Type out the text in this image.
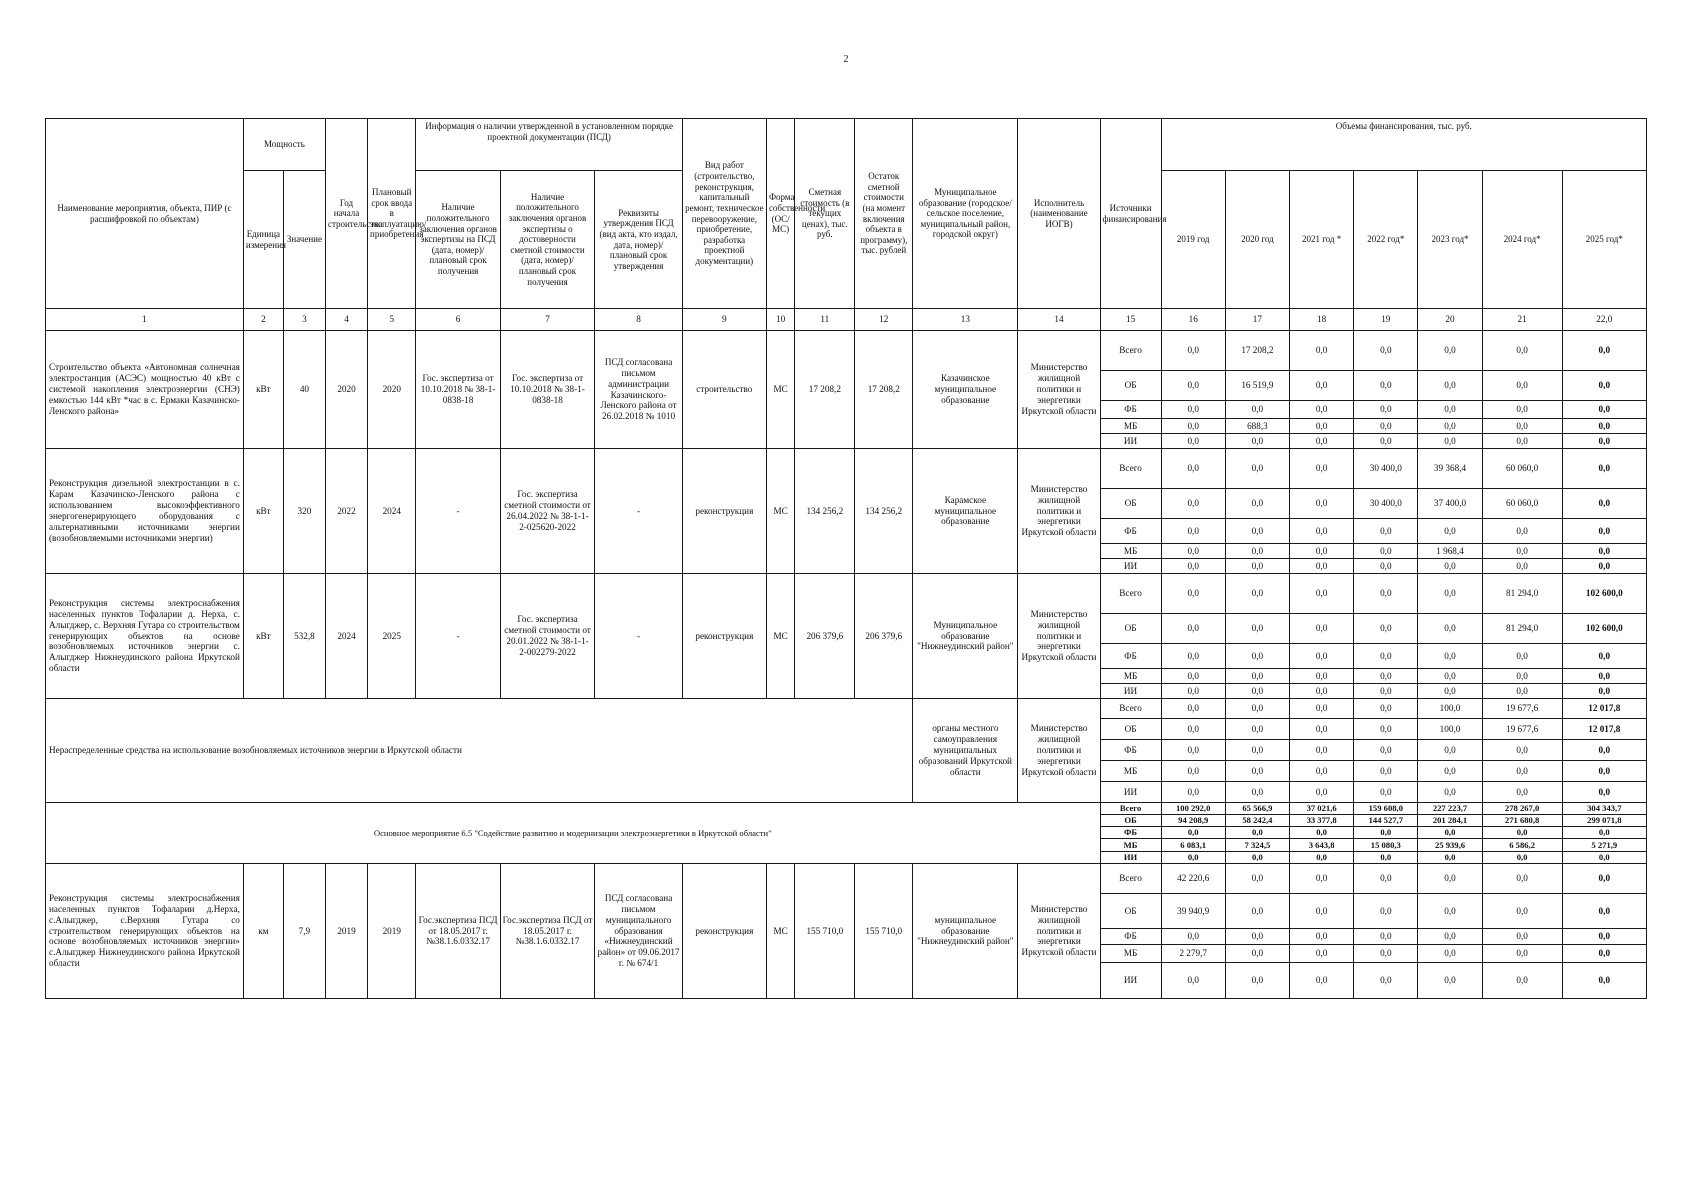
2
Наименование мероприятия, объекта, ПИР (с расшифровкой по объектам)	Мощность		Год начала строительства	Плановый срок ввода в эксплуатацию/приобретения	Информация о наличии утвержденной в установленном порядке проектной документации (ПСД)			Вид работ (строительство, реконструкция, капитальный ремонт, техническое перевооружение, приобретение, разработка проектной документации)	Форма собственности (ОС/МС)	Сметная стоимость (в текущих ценах), тыс. руб.	Остаток сметной стоимости (на момент включения объекта в программу), тыс. рублей	Муниципальное образование (городское/сельское поселение, муниципальный район, городской округ)	Исполнитель (наименование ИОГВ)	Источники финансирования	Объемы финансирования, тыс. руб.						
	Единица измерения	Значение			Наличие положительного заключения органов экспертизы на ПСД (дата, номер)/плановый срок получения	Наличие положительного заключения органов экспертизы о достоверности сметной стоимости (дата, номер)/плановый срок получения	Реквизиты утверждения ПСД (вид акта, кто издал, дата, номер)/плановый срок утверждения								2019 год	2020 год	2021 год *	2022 год*	2023 год*	2024 год*	2025 год*
1	2	3	4	5	6	7	8	9	10	11	12	13	14	15	16	17	18	19	20	21	22,0
Строительство объекта «Автономная солнечная электростанция (АСЭС) мощностью 40 кВт с системой накопления электроэнергии (СНЭ) емкостью 144 кВт *час в с. Ермаки Казачинско-Ленского района»	кВт	40	2020	2020	Гос. экспертиза от 10.10.2018 № 38-1-0838-18	Гос. экспертиза от 10.10.2018 № 38-1-0838-18	ПСД согласована письмом администрации Казачинского-Ленского района от 26.02.2018 № 1010	строительство	МС	17 208,2	17 208,2	Казачинское муниципальное образование	Министерство жилищной политики и энергетики Иркутской области	Всего	0,0	17 208,2	0,0	0,0	0,0	0,0	0,0
														ОБ	0,0	16 519,9	0,0	0,0	0,0	0,0	0,0
														ФБ	0,0	0,0	0,0	0,0	0,0	0,0	0,0
														МБ	0,0	688,3	0,0	0,0	0,0	0,0	0,0
														ИИ	0,0	0,0	0,0	0,0	0,0	0,0	0,0
Реконструкция дизельной электростанции в с. Карам Казачинско-Ленского района с использованием высокоэффективного энергогенерирующего оборудования с альтернативными источниками энергии (возобновляемыми источниками энергии)	кВт	320	2022	2024	-	Гос. экспертиза сметной стоимости от 26.04.2022 № 38-1-1-2-025620-2022	-	реконструкция	МС	134 256,2	134 256,2	Карамское муниципальное образование	Министерство жилищной политики и энергетики Иркутской области	Всего	0,0	0,0	0,0	30 400,0	39 368,4	60 060,0	0,0
														ОБ	0,0	0,0	0,0	30 400,0	37 400,0	60 060,0	0,0
														ФБ	0,0	0,0	0,0	0,0	0,0	0,0	0,0
														МБ	0,0	0,0	0,0	0,0	1 968,4	0,0	0,0
														ИИ	0,0	0,0	0,0	0,0	0,0	0,0	0,0
Реконструкция системы электроснабжения населенных пунктов Тофаларии д. Нерха, с. Алыгджер, с. Верхняя Гутара со строительством генерирующих объектов на основе возобновляемых источников энергии с. Алыгджер Нижнеудинского района Иркутской области	кВт	532,8	2024	2025	-	Гос. экспертиза сметной стоимости от 20.01.2022 № 38-1-1-2-002279-2022	-	реконструкция	МС	206 379,6	206 379,6	Муниципальное образование "Нижнеудинский район"	Министерство жилищной политики и энергетики Иркутской области	Всего	0,0	0,0	0,0	0,0	0,0	81 294,0	102 600,0
														ОБ	0,0	0,0	0,0	0,0	0,0	81 294,0	102 600,0
														ФБ	0,0	0,0	0,0	0,0	0,0	0,0	0,0
														МБ	0,0	0,0	0,0	0,0	0,0	0,0	0,0
														ИИ	0,0	0,0	0,0	0,0	0,0	0,0	0,0
Нераспределенные средства на использование возобновляемых источников энергии в Иркутской области												органы местного самоуправления муниципальных образований Иркутской области	Министерство жилищной политики и энергетики Иркутской области	Всего	0,0	0,0	0,0	0,0	100,0	19 677,6	12 017,8
														ОБ	0,0	0,0	0,0	0,0	100,0	19 677,6	12 017,8
														ФБ	0,0	0,0	0,0	0,0	0,0	0,0	0,0
														МБ	0,0	0,0	0,0	0,0	0,0	0,0	0,0
														ИИ	0,0	0,0	0,0	0,0	0,0	0,0	0,0
Основное мероприятие 6.5 "Содействие развитию и модернизации электроэнергетики в Иркутской области"														Всего	100 292,0	65 566,9	37 021,6	159 608,0	227 223,7	278 267,0	304 343,7
														ОБ	94 208,9	58 242,4	33 377,8	144 527,7	201 284,1	271 680,8	299 071,8
														ФБ	0,0	0,0	0,0	0,0	0,0	0,0	0,0
														МБ	6 083,1	7 324,5	3 643,8	15 080,3	25 939,6	6 586,2	5 271,9
														ИИ	0,0	0,0	0,0	0,0	0,0	0,0	0,0
Реконструкция системы электроснабжения населенных пунктов Тофаларии д.Нерха, с.Алыгджер, с.Верхняя Гутара со строительством генерирующих объектов на основе возобновляемых источников энергии» с.Алыгджер Нижнеудинского района Иркутской области	км	7,9	2019	2019	Гос.экспертиза ПСД от 18.05.2017 г. №38.1.6.0332.17	Гос.экспертиза ПСД от 18.05.2017 г. №38.1.6.0332.17	ПСД согласована письмом муниципального образования «Нижнеудинский район» от 09.06.2017 г. № 674/1	реконструкция	МС	155 710,0	155 710,0	муниципальное образование "Нижнеудинский район"	Министерство жилищной политики и энергетики Иркутской области	Всего	42 220,6	0,0	0,0	0,0	0,0	0,0	0,0
														ОБ	39 940,9	0,0	0,0	0,0	0,0	0,0	0,0
														ФБ	0,0	0,0	0,0	0,0	0,0	0,0	0,0
														МБ	2 279,7	0,0	0,0	0,0	0,0	0,0	0,0
														ИИ	0,0	0,0	0,0	0,0	0,0	0,0	0,0
